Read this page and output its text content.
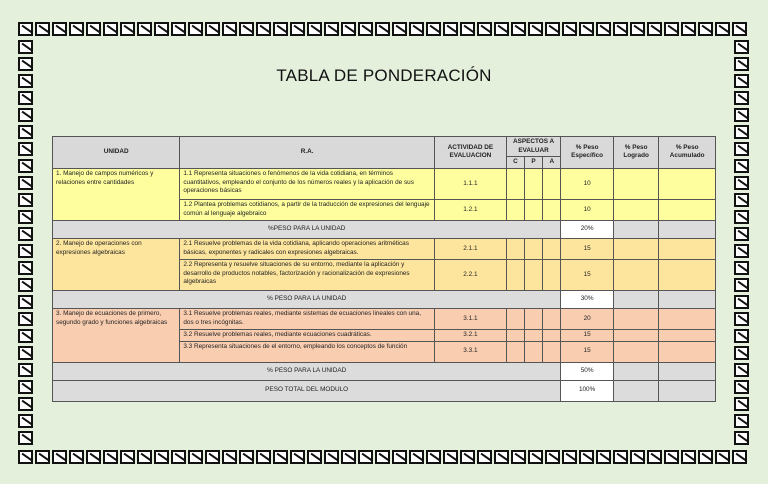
TABLA DE PONDERACIÓN
UNIDAD	R.A.	ACTIVIDAD DE EVALUACION	ASPECTOS A EVALUAR			% Peso Específico	% Peso Logrado	% Peso Acumulado
			C	P	A			
1. Manejo de campos numéricos y relaciones entre cantidades	1.1 Representa situaciones o fenómenos de la vida cotidiana, en términos cuantitativos, empleando el conjunto de los números reales y la aplicación de sus operaciones básicas	1.1.1				10		
	1.2 Plantea problemas cotidianos, a partir de la traducción de expresiones del lenguaje común al lenguaje algebraico	1.2.1				10		
%PESO PARA LA UNIDAD						20%		
2. Manejo de operaciones con expresiones algebraicas	2.1 Resuelve problemas de la vida cotidiana, aplicando operaciones aritméticas básicas, exponentes y radicales con expresiones algebraicas.	2.1.1				15		
	2.2 Representa y resuelve situaciones de su entorno, mediante la aplicación y desarrollo de productos notables, factorización y racionalización de expresiones algebraicas	2.2.1				15		
% PESO PARA LA UNIDAD						30%		
3. Manejo de ecuaciones de primero, segundo grado y funciones algebraicas	3.1 Resuelve problemas reales, mediante sistemas de ecuaciones lineales con una, dos o tres incógnitas.	3.1.1				20		
	3.2 Resuelve problemas reales, mediante ecuaciones cuadráticas.	3.2.1				15		
	3.3 Representa situaciones de el entorno, empleando los conceptos de función	3.3.1				15		
% PESO PARA LA UNIDAD						50%		
PESO TOTAL DEL MODULO						100%		
